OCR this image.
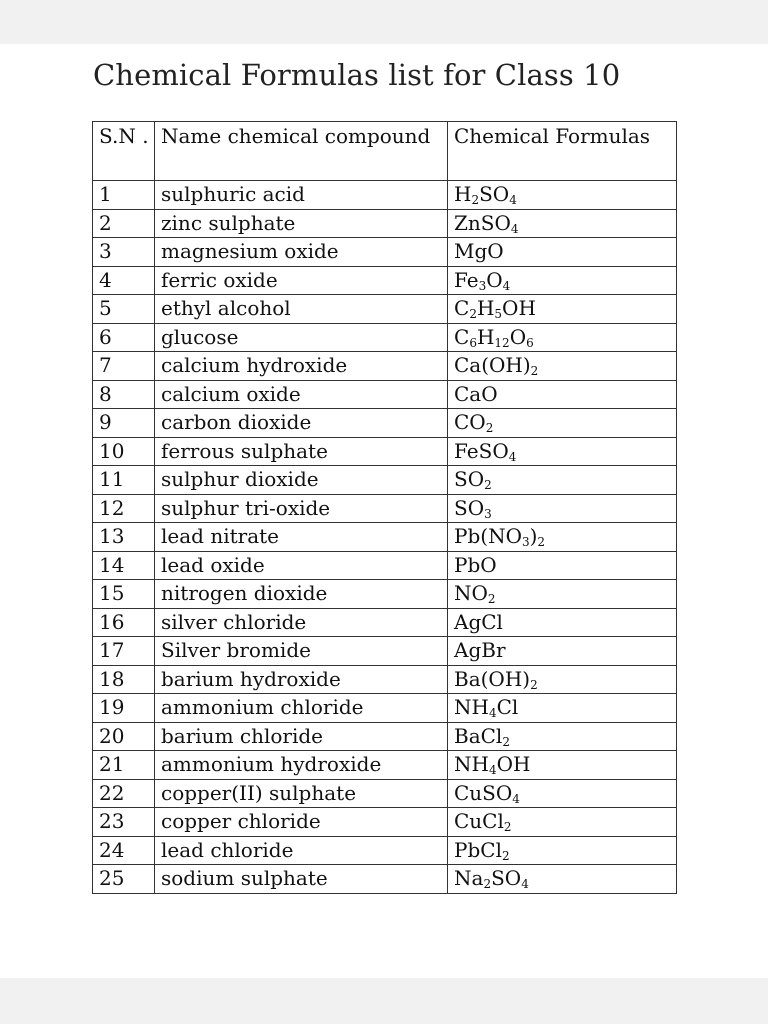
Chemical Formulas list for Class 10
S.N .	Name chemical compound	Chemical Formulas
1	sulphuric acid	$H_2SO_4$
2	zinc sulphate	ZnSO$_4$
3	magnesium oxide	MgO
4	ferric oxide	$Fe_3O_4$
5	ethyl alcohol	$C_2H_5OH$
6	glucose	$C_6H_{12}O_6$
7	calcium hydroxide	$Ca(OH)_2$
8	calcium oxide	CaO
9	carbon dioxide	$CO_2$
10	ferrous sulphate	FeSO$_4$
11	sulphur dioxide	$SO_2$
12	sulphur tri-oxide	$SO_3$
13	lead nitrate	$Pb(NO_3)_2$
14	lead oxide	PbO
15	nitrogen dioxide	$NO_2$
16	silver chloride	AgCl
17	Silver bromide	AgBr
18	barium hydroxide	$Ba(OH)_2$
19	ammonium chloride	$NH_4Cl$
20	barium chloride	BaCl$_2$
21	ammonium hydroxide	$NH_4OH$
22	copper(II) sulphate	CuSO$_4$
23	copper chloride	CuCl$_2$
24	lead chloride	PbCl$_2$
25	sodium sulphate	$Na_2SO_4$
